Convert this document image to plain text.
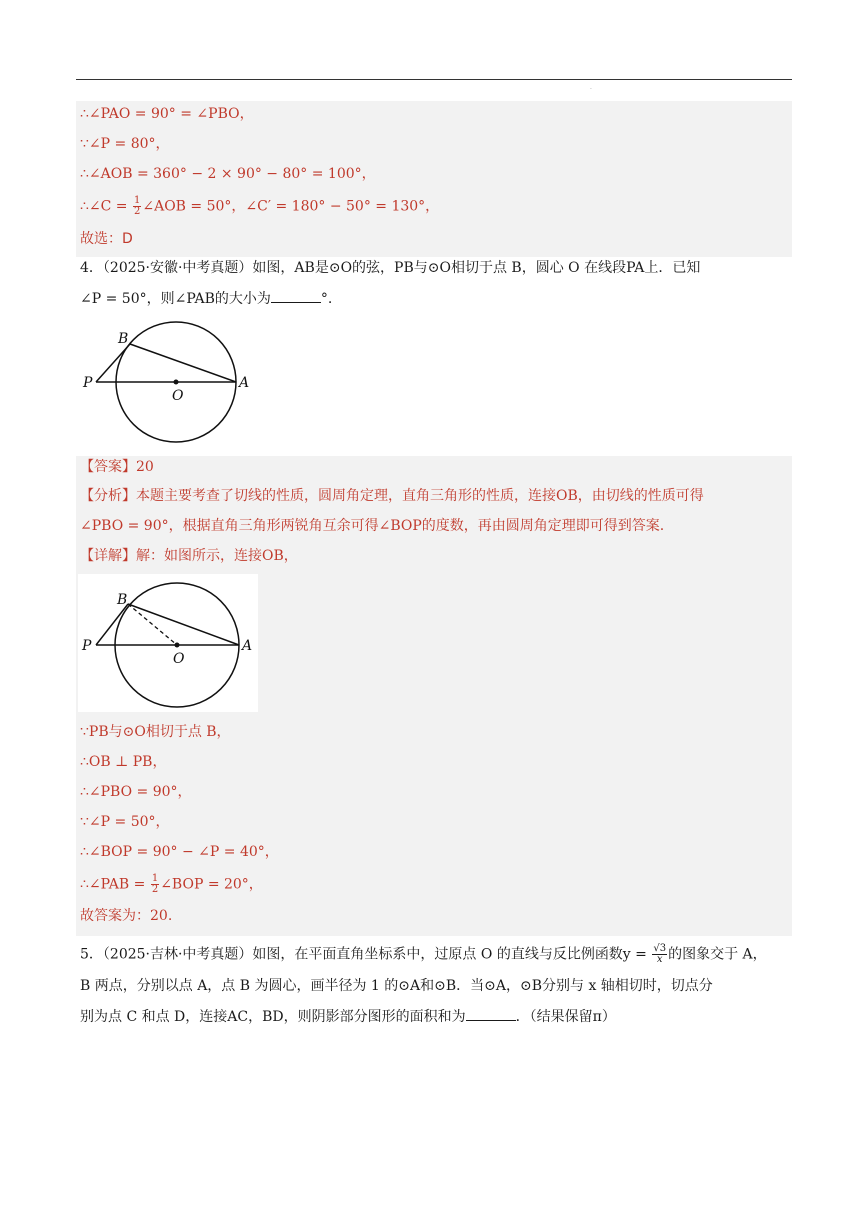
·
∴∠PAO = 90° = ∠PBO，
∵∠P = 80°，
∴∠AOB = 360° − 2 × 90° − 80° = 100°，
∴∠C = $\frac{1}{2}$ ∠AOB = 50°，∠C′ = 180° − 50° = 130°，
故选：D
4．（2025·安徽·中考真题）如图，AB是⊙O的弦，PB与⊙O相切于点 B，圆心 O 在线段PA上．已知
∠P = 50°，则∠PAB的大小为	°.
B
P
O
A
【答案】20
【分析】本题主要考查了切线的性质，圆周角定理，直角三角形的性质，连接OB，由切线的性质可得
∠PBO = 90°，根据直角三角形两锐角互余可得∠BOP的度数，再由圆周角定理即可得到答案.
【详解】解：如图所示，连接OB，
B
P
O
A
∵PB与⊙O相切于点 B，
∴OB ⊥ PB，
∴∠PBO = 90°，
∵∠P = 50°，
∴∠BOP = 90° − ∠P = 40°，
∴∠PAB = $\frac{1}{2}$ ∠BOP = 20°，
故答案为：20.
5．（2025·吉林·中考真题）如图，在平面直角坐标系中，过原点 O 的直线与反比例函数$y = \frac{√3}{x}$ 的图象交于 A，
B 两点，分别以点 A，点 B 为圆心，画半径为 1 的⊙A和⊙B．当⊙A，⊙B分别与 x 轴相切时，切点分
别为点 C 和点 D，连接AC，BD，则阴影部分图形的面积和为	．（结果保留π）
